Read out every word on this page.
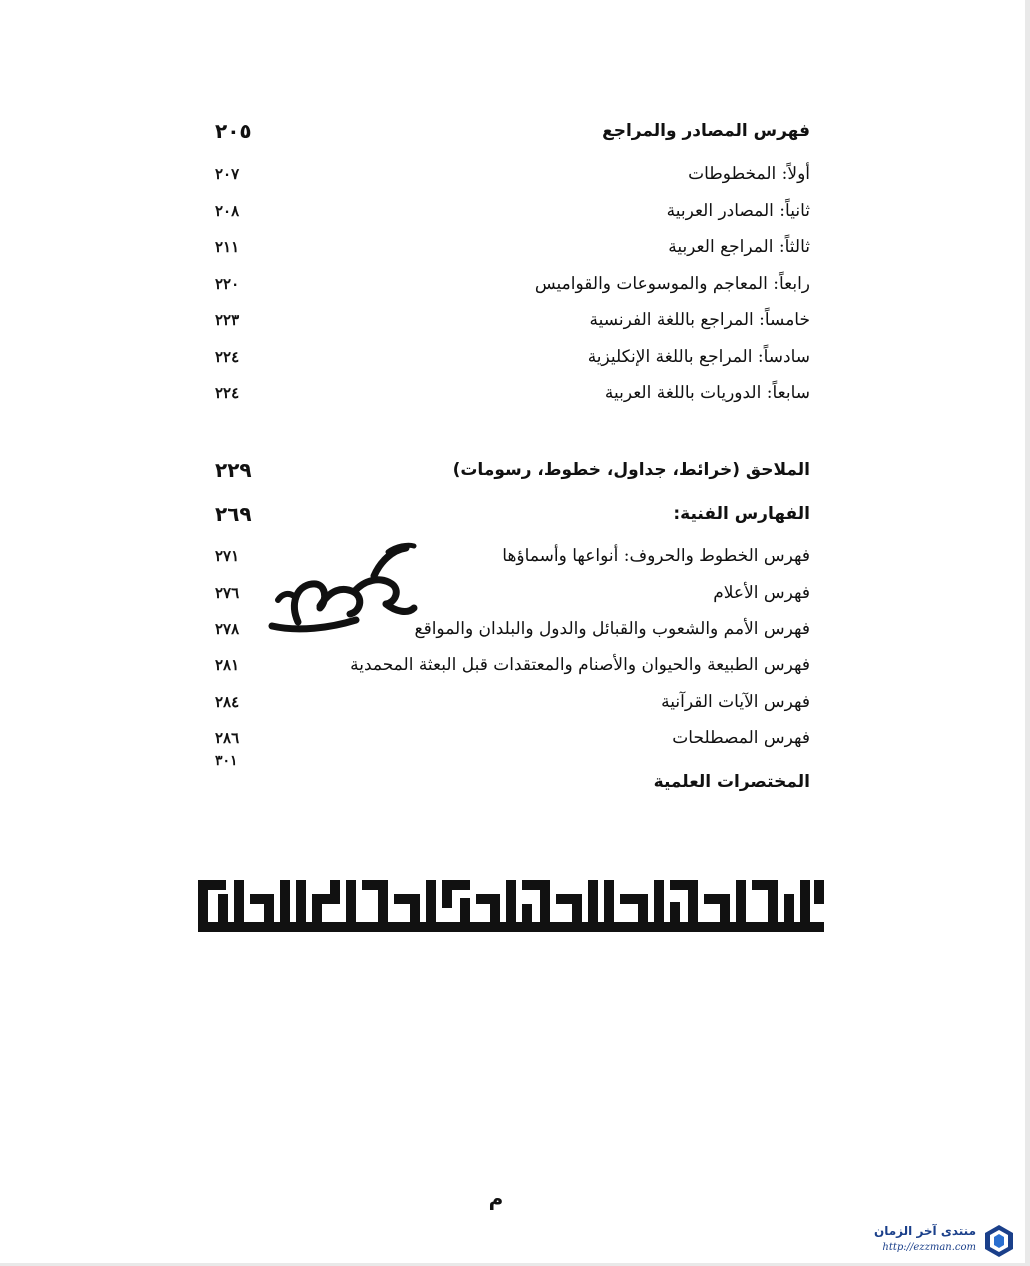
فهرس المصادر والمراجع
٢٠٥
أولاً: المخطوطات
٢٠٧
ثانياً: المصادر العربية
٢٠٨
ثالثاً: المراجع العربية
٢١١
رابعاً: المعاجم والموسوعات والقواميس
٢٢٠
خامساً: المراجع باللغة الفرنسية
٢٢٣
سادساً: المراجع باللغة الإنكليزية
٢٢٤
سابعاً: الدوريات باللغة العربية
٢٢٤
الملاحق (خرائط، جداول، خطوط، رسومات)
٢٢٩
الفهارس الفنية:
٢٦٩
فهرس الخطوط والحروف: أنواعها وأسماؤها
٢٧١
فهرس الأعلام
٢٧٦
فهرس الأمم والشعوب والقبائل والدول والبلدان والمواقع
٢٧٨
فهرس الطبيعة والحيوان والأصنام والمعتقدات قبل البعثة المحمدية
٢٨١
فهرس الآيات القرآنية
٢٨٤
فهرس المصطلحات
٢٨٦
٣٠١
المختصرات العلمية
م
منتدى آخر الزمان
http://ezzman.com
